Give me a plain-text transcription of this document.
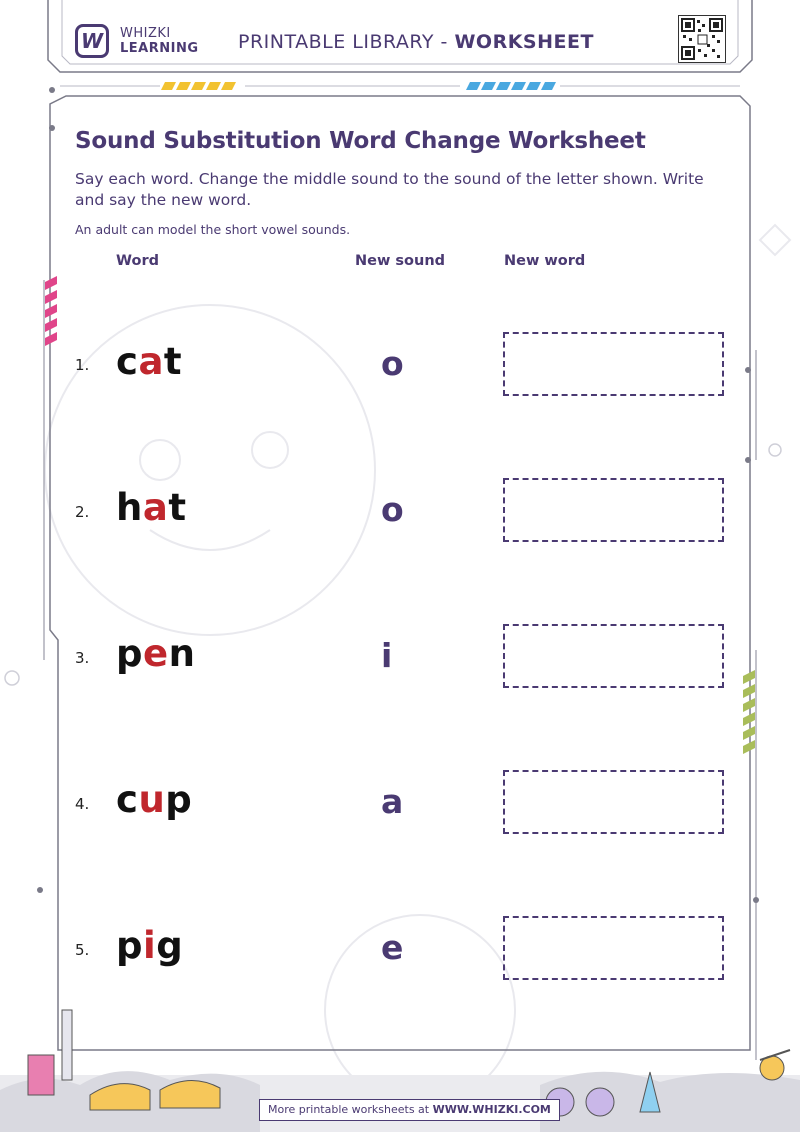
W	WHIZKI
LEARNING PRINTABLE LIBRARY - WORKSHEET
Sound Substitution Word Change Worksheet
Say each word. Change the middle sound to the sound of the letter shown. Write and say the new word.
An adult can model the short vowel sounds.
Word	New sound	New word
1. cat	o
2. hat	o
3. pen	i
4. cup	a
5. pig	e
More printable worksheets at WWW.WHIZKI.COM
